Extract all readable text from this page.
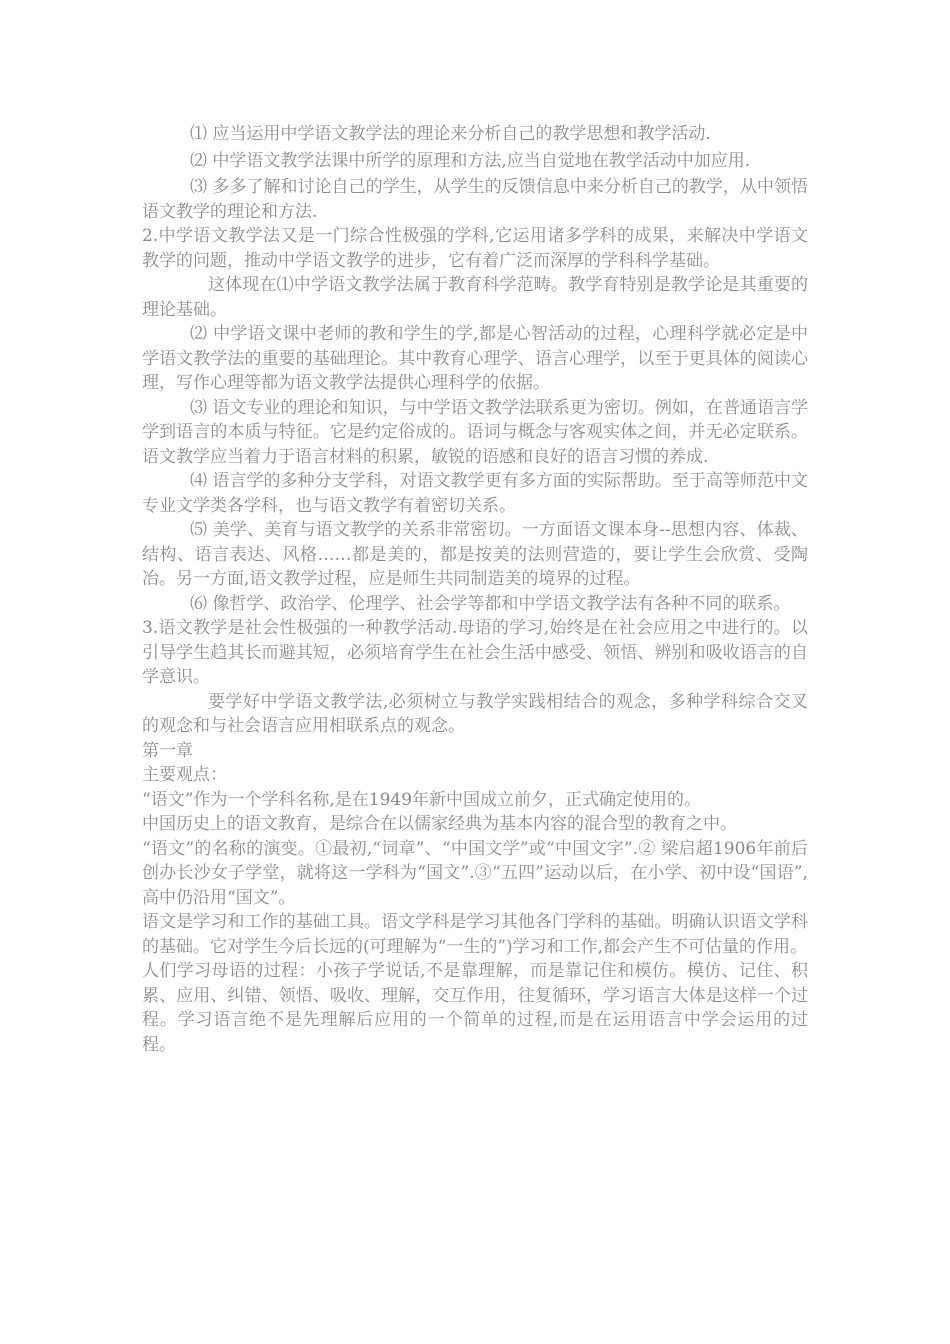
⑴ 应当运用中学语文教学法的理论来分析自己的教学思想和教学活动.

⑵ 中学语文教学法课中所学的原理和方法,应当自觉地在教学活动中加应用.

⑶ 多多了解和讨论自己的学生，从学生的反馈信息中来分析自己的教学，从中领悟语文教学的理论和方法.

2.中学语文教学法又是一门综合性极强的学科,它运用诸多学科的成果，来解决中学语文教学的问题，推动中学语文教学的进步，它有着广泛而深厚的学科科学基础。

这体现在⑴中学语文教学法属于教育科学范畴。教学育特别是教学论是其重要的理论基础。

⑵ 中学语文课中老师的教和学生的学,都是心智活动的过程，心理科学就必定是中学语文教学法的重要的基础理论。其中教育心理学、语言心理学，以至于更具体的阅读心理，写作心理等都为语文教学法提供心理科学的依据。

⑶ 语文专业的理论和知识，与中学语文教学法联系更为密切。例如，在普通语言学学到语言的本质与特征。它是约定俗成的。语词与概念与客观实体之间，并无必定联系。语文教学应当着力于语言材料的积累，敏锐的语感和良好的语言习惯的养成.

⑷ 语言学的多种分支学科，对语文教学更有多方面的实际帮助。至于高等师范中文专业文学类各学科，也与语文教学有着密切关系。

⑸ 美学、美育与语文教学的关系非常密切。一方面语文课本身--思想内容、体裁、结构、语言表达、风格……都是美的，都是按美的法则营造的，要让学生会欣赏、受陶冶。另一方面,语文教学过程，应是师生共同制造美的境界的过程。

⑹ 像哲学、政治学、伦理学、社会学等都和中学语文教学法有各种不同的联系。

3.语文教学是社会性极强的一种教学活动.母语的学习,始终是在社会应用之中进行的。以引导学生趋其长而避其短，必须培育学生在社会生活中感受、领悟、辨别和吸收语言的自学意识。

要学好中学语文教学法,必须树立与教学实践相结合的观念，多种学科综合交叉的观念和与社会语言应用相联系点的观念。

第一章

主要观点：

“语文”作为一个学科名称,是在1949年新中国成立前夕，正式确定使用的。

中国历史上的语文教育，是综合在以儒家经典为基本内容的混合型的教育之中。

“语文”的名称的演变。①最初,“词章”、“中国文学”或“中国文字”.② 梁启超1906年前后创办长沙女子学堂，就将这一学科为“国文”.③“五四”运动以后，在小学、初中设“国语”,高中仍沿用“国文”。

语文是学习和工作的基础工具。语文学科是学习其他各门学科的基础。明确认识语文学科的基础。它对学生今后长远的(可理解为“一生的”)学习和工作,都会产生不可估量的作用。

人们学习母语的过程：小孩子学说话,不是靠理解，而是靠记住和模仿。模仿、记住、积累、应用、纠错、领悟、吸收、理解，交互作用，往复循环，学习语言大体是这样一个过程。学习语言绝不是先理解后应用的一个简单的过程,而是在运用语言中学会运用的过程。
